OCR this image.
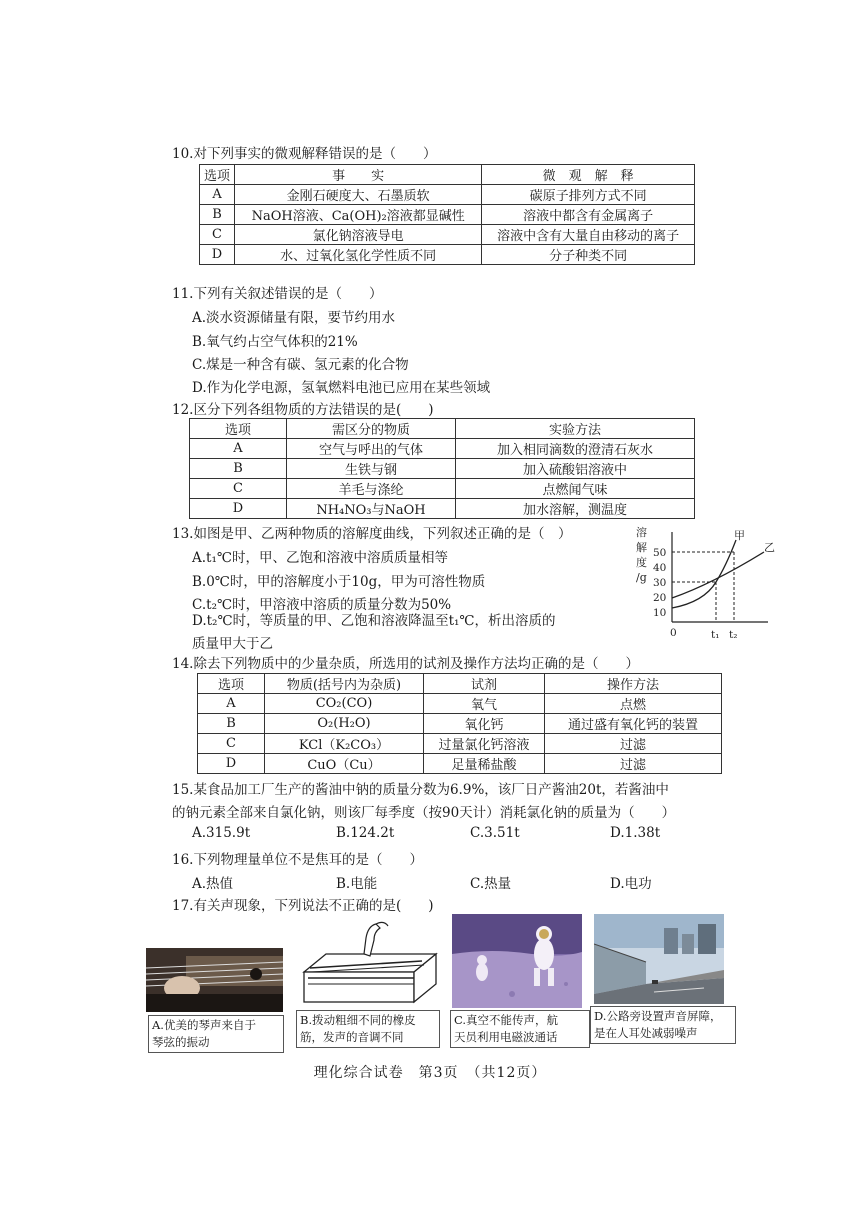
10.对下列事实的微观解释错误的是（　　）
选项	事　　实	微　观　解　释
A	金刚石硬度大、石墨质软	碳原子排列方式不同
B	NaOH溶液、Ca(OH)₂溶液都显碱性	溶液中都含有金属离子
C	氯化钠溶液导电	溶液中含有大量自由移动的离子
D	水、过氧化氢化学性质不同	分子种类不同
11.下列有关叙述错误的是（　　）
A.淡水资源储量有限，要节约用水
B.氧气约占空气体积的21%
C.煤是一种含有碳、氢元素的化合物
D.作为化学电源，氢氧燃料电池已应用在某些领域
12.区分下列各组物质的方法错误的是(　　)
选项	需区分的物质	实验方法
A	空气与呼出的气体	加入相同滴数的澄清石灰水
B	生铁与钢	加入硫酸铝溶液中
C	羊毛与涤纶	点燃闻气味
D	NH₄NO₃与NaOH	加水溶解，测温度
13.如图是甲、乙两种物质的溶解度曲线，下列叙述正确的是（　）
A.t₁℃时，甲、乙饱和溶液中溶质质量相等
B.0℃时，甲的溶解度小于10g，甲为可溶性物质
C.t₂℃时，甲溶液中溶质的质量分数为50%
D.t₂℃时，等质量的甲、乙饱和溶液降温至t₁℃，析出溶质的
质量甲大于乙
溶
解
度
/g
50
40
30
20
10
甲
乙
0	t₁ t₂
14.除去下列物质中的少量杂质，所选用的试剂及操作方法均正确的是（　　）
选项	物质(括号内为杂质)	试剂	操作方法
A	CO₂(CO)	氧气	点燃
B	O₂(H₂O)	氧化钙	通过盛有氧化钙的装置
C	KCl（K₂CO₃）	过量氯化钙溶液	过滤
D	CuO（Cu）	足量稀盐酸	过滤
15.某食品加工厂生产的酱油中钠的质量分数为6.9%，该厂日产酱油20t，若酱油中
的钠元素全部来自氯化钠，则该厂每季度（按90天计）消耗氯化钠的质量为（　　）
A.315.9t	B.124.2t	C.3.51t	D.1.38t
16.下列物理量单位不是焦耳的是（　　）
A.热值	B.电能	C.热量	D.电功
17.有关声现象，下列说法不正确的是(　　)
A.优美的琴声来自于
琴弦的振动
B.拨动粗细不同的橡皮
筋，发声的音调不同
C.真空不能传声，航
天员利用电磁波通话
D.公路旁设置声音屏障，
是在人耳处减弱噪声
理化综合试卷　第3页　（共12页）
